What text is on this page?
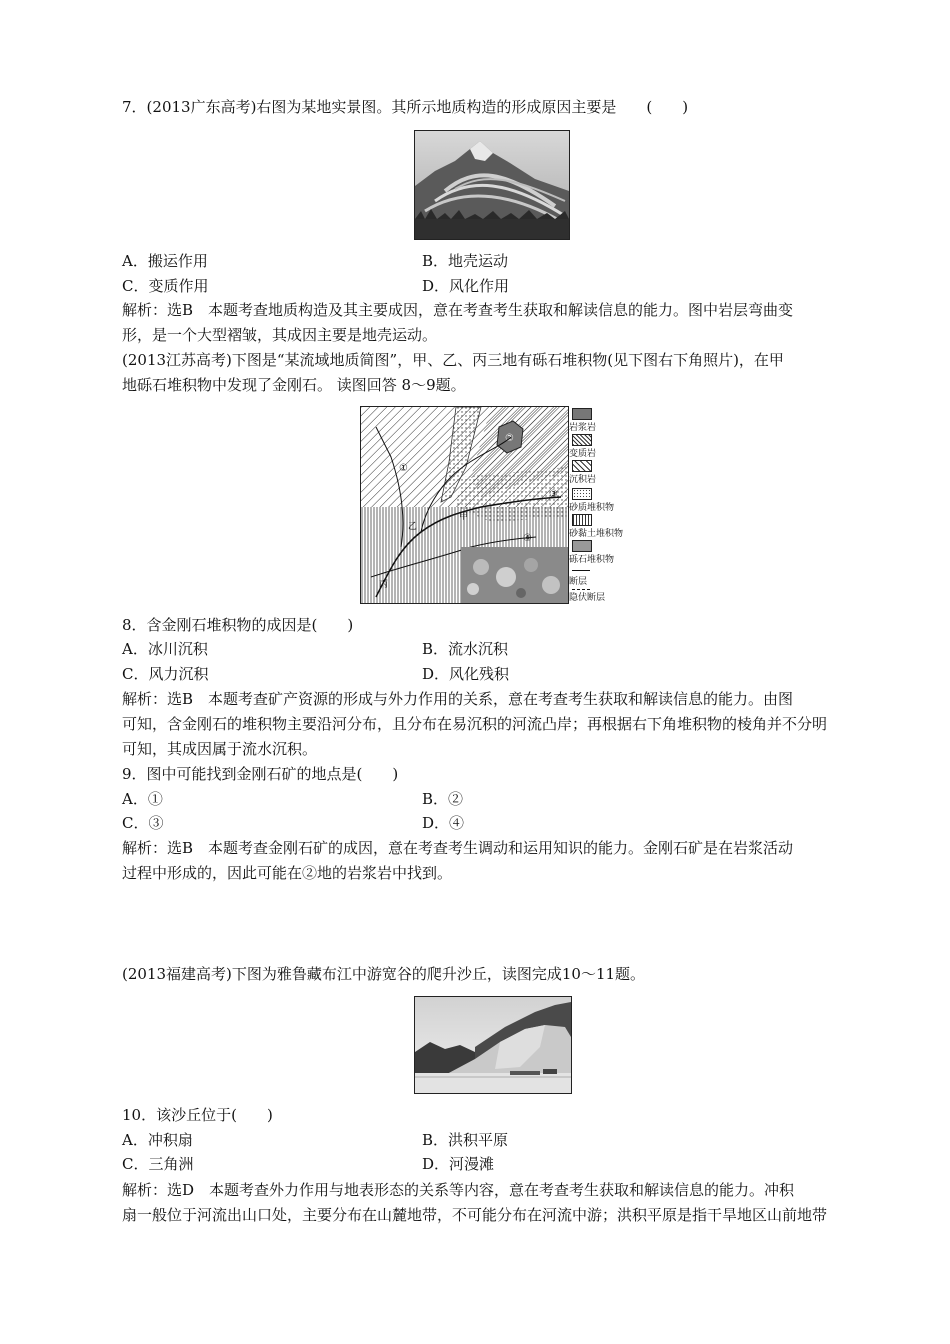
7．(2013广东高考)右图为某地实景图。其所示地质构造的形成原因主要是　　(　　)
A．搬运作用	B．地壳运动
C．变质作用	D．风化作用
解析：选B　本题考查地质构造及其主要成因，意在考查考生获取和解读信息的能力。图中岩层弯曲变
形，是一个大型褶皱，其成因主要是地壳运动。
(2013江苏高考)下图是“某流域地质简图”，甲、乙、丙三地有砾石堆积物(见下图右下角照片)，在甲
地砾石堆积物中发现了金刚石。 读图回答 8～9题。
②
①
③
④
甲
乙
丙
岩浆岩
变质岩
沉积岩
砂质堆积物
砂黏土堆积物
砾石堆积物
断层
隐伏断层
8．含金刚石堆积物的成因是(　　)
A．冰川沉积	B．流水沉积
C．风力沉积	D．风化残积
解析：选B　本题考查矿产资源的形成与外力作用的关系，意在考查考生获取和解读信息的能力。由图
可知，含金刚石的堆积物主要沿河分布，且分布在易沉积的河流凸岸；再根据右下角堆积物的棱角并不分明
可知，其成因属于流水沉积。
9．图中可能找到金刚石矿的地点是(　　)
A．①	B．②
C．③	D．④
解析：选B　本题考查金刚石矿的成因，意在考查考生调动和运用知识的能力。金刚石矿是在岩浆活动
过程中形成的，因此可能在②地的岩浆岩中找到。
(2013福建高考)下图为雅鲁藏布江中游宽谷的爬升沙丘，读图完成10～11题。
10．该沙丘位于(　　)
A．冲积扇	B．洪积平原
C．三角洲	D．河漫滩
解析：选D　本题考查外力作用与地表形态的关系等内容，意在考查考生获取和解读信息的能力。冲积
扇一般位于河流出山口处，主要分布在山麓地带，不可能分布在河流中游；洪积平原是指干旱地区山前地带
